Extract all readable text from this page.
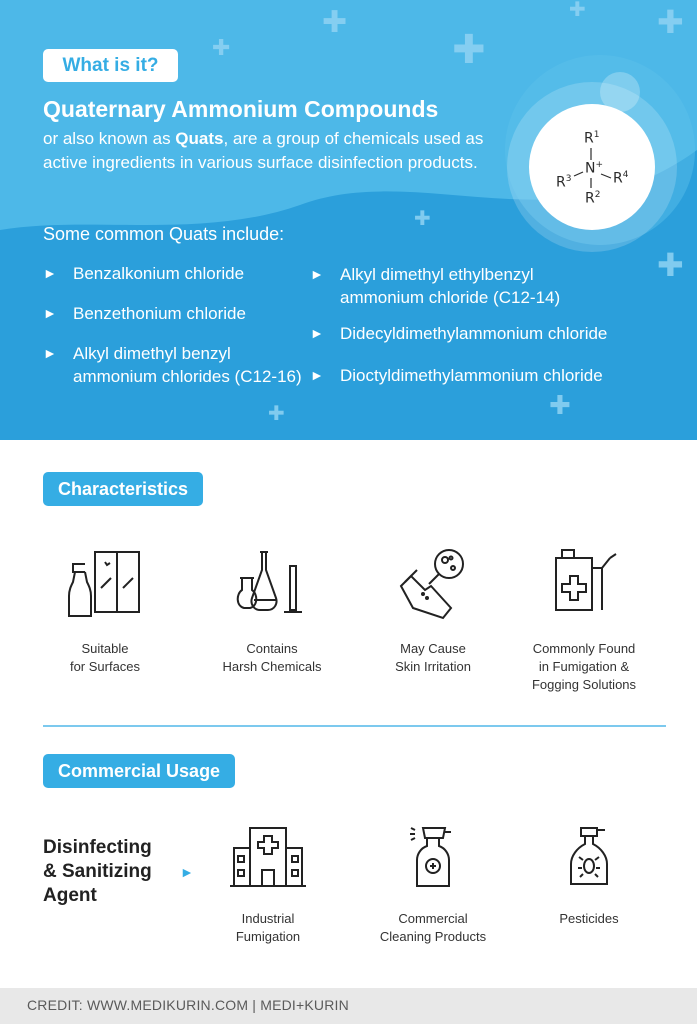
✚
✚	✚
✚ ✚
✚
✚
✚
✚
What is it?
Quaternary Ammonium Compounds

or also known as Quats, are a group of chemicals used as active ingredients in various surface disinfection products.

$R^1$
N+
$R^3$	$R^4$
$R^2$
Some common Quats include:
► Benzalkonium chloride
► Benzethonium chloride
► Alkyl dimethyl benzyl ammonium chlorides (C12-16)
► Alkyl dimethyl ethylbenzyl ammonium chloride (C12-14)
► Didecyldimethylammonium chloride
► Dioctyldimethylammonium chloride
Characteristics
Suitable
for Surfaces
Contains
Harsh Chemicals
May Cause
Skin Irritation
Commonly Found
in Fumigation &
Fogging Solutions
Commercial Usage
Disinfecting
& Sanitizing
Agent
►
Industrial
Fumigation
Commercial
Cleaning Products
Pesticides
CREDIT: WWW.MEDIKURIN.COM | MEDI+KURIN
